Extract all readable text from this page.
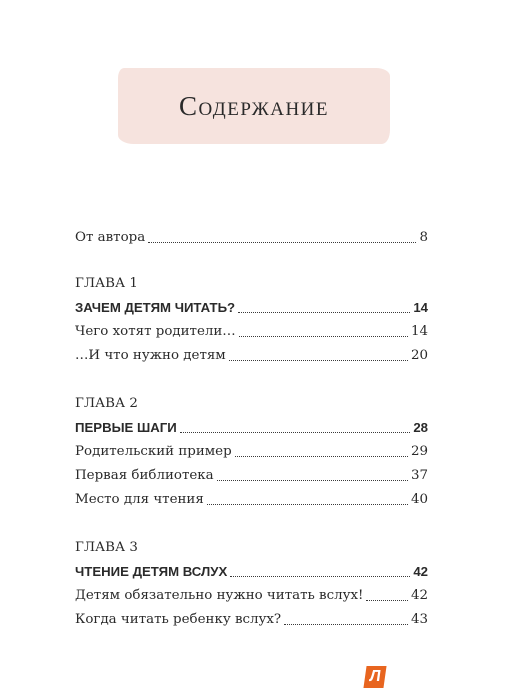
Содержание
От автора	8
ГЛАВА 1
ЗАЧЕМ ДЕТЯМ ЧИТАТЬ?	14
Чего хотят родители…	14
…И что нужно детям	20
ГЛАВА 2
ПЕРВЫЕ ШАГИ	28
Родительский пример	29
Первая библиотека	37
Место для чтения	40
ГЛАВА 3
ЧТЕНИЕ ДЕТЯМ ВСЛУХ	42
Детям обязательно нужно читать вслух!	42
Когда читать ребенку вслух?	43
Л
